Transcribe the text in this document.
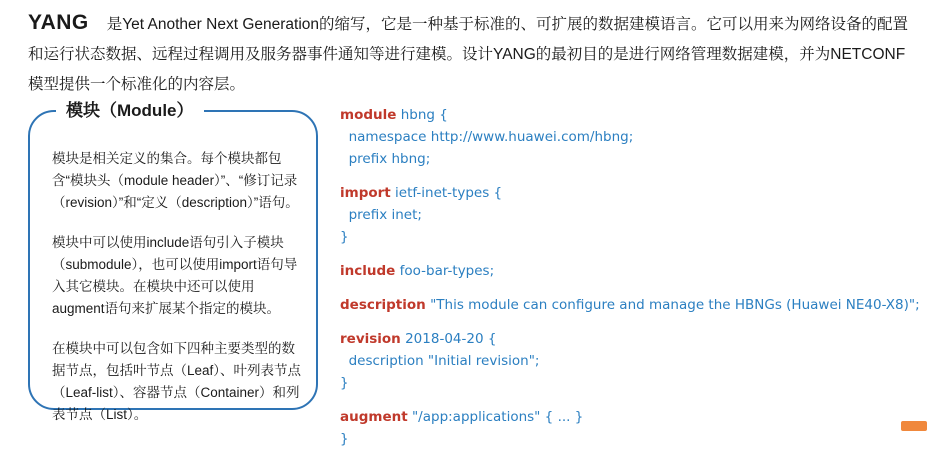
YANG 是Yet Another Next Generation的缩写，它是一种基于标准的、可扩展的数据建模语言。它可以用来为网络设备的配置和运行状态数据、远程过程调用及服务器事件通知等进行建模。设计YANG的最初目的是进行网络管理数据建模，并为NETCONF模型提供一个标准化的内容层。
模块（Module）

模块是相关定义的集合。每个模块都包含“模块头（module header）”、“修订记录（revision）”和“定义（description）”语句。

模块中可以使用include语句引入子模块（submodule），也可以使用import语句导入其它模块。在模块中还可以使用augment语句来扩展某个指定的模块。

在模块中可以包含如下四种主要类型的数据节点，包括叶节点（Leaf）、叶列表节点（Leaf-list）、容器节点（Container）和列表节点（List）。

module hbng {
namespace http://www.huawei.com/hbng;
prefix hbng;
import ietf-inet-types {
prefix inet;
}
include foo-bar-types;
description "This module can configure and manage the HBNGs (Huawei NE40-X8)";
revision 2018-04-20 {
description "Initial revision";
}
augment "/app:applications" { ... }
}
